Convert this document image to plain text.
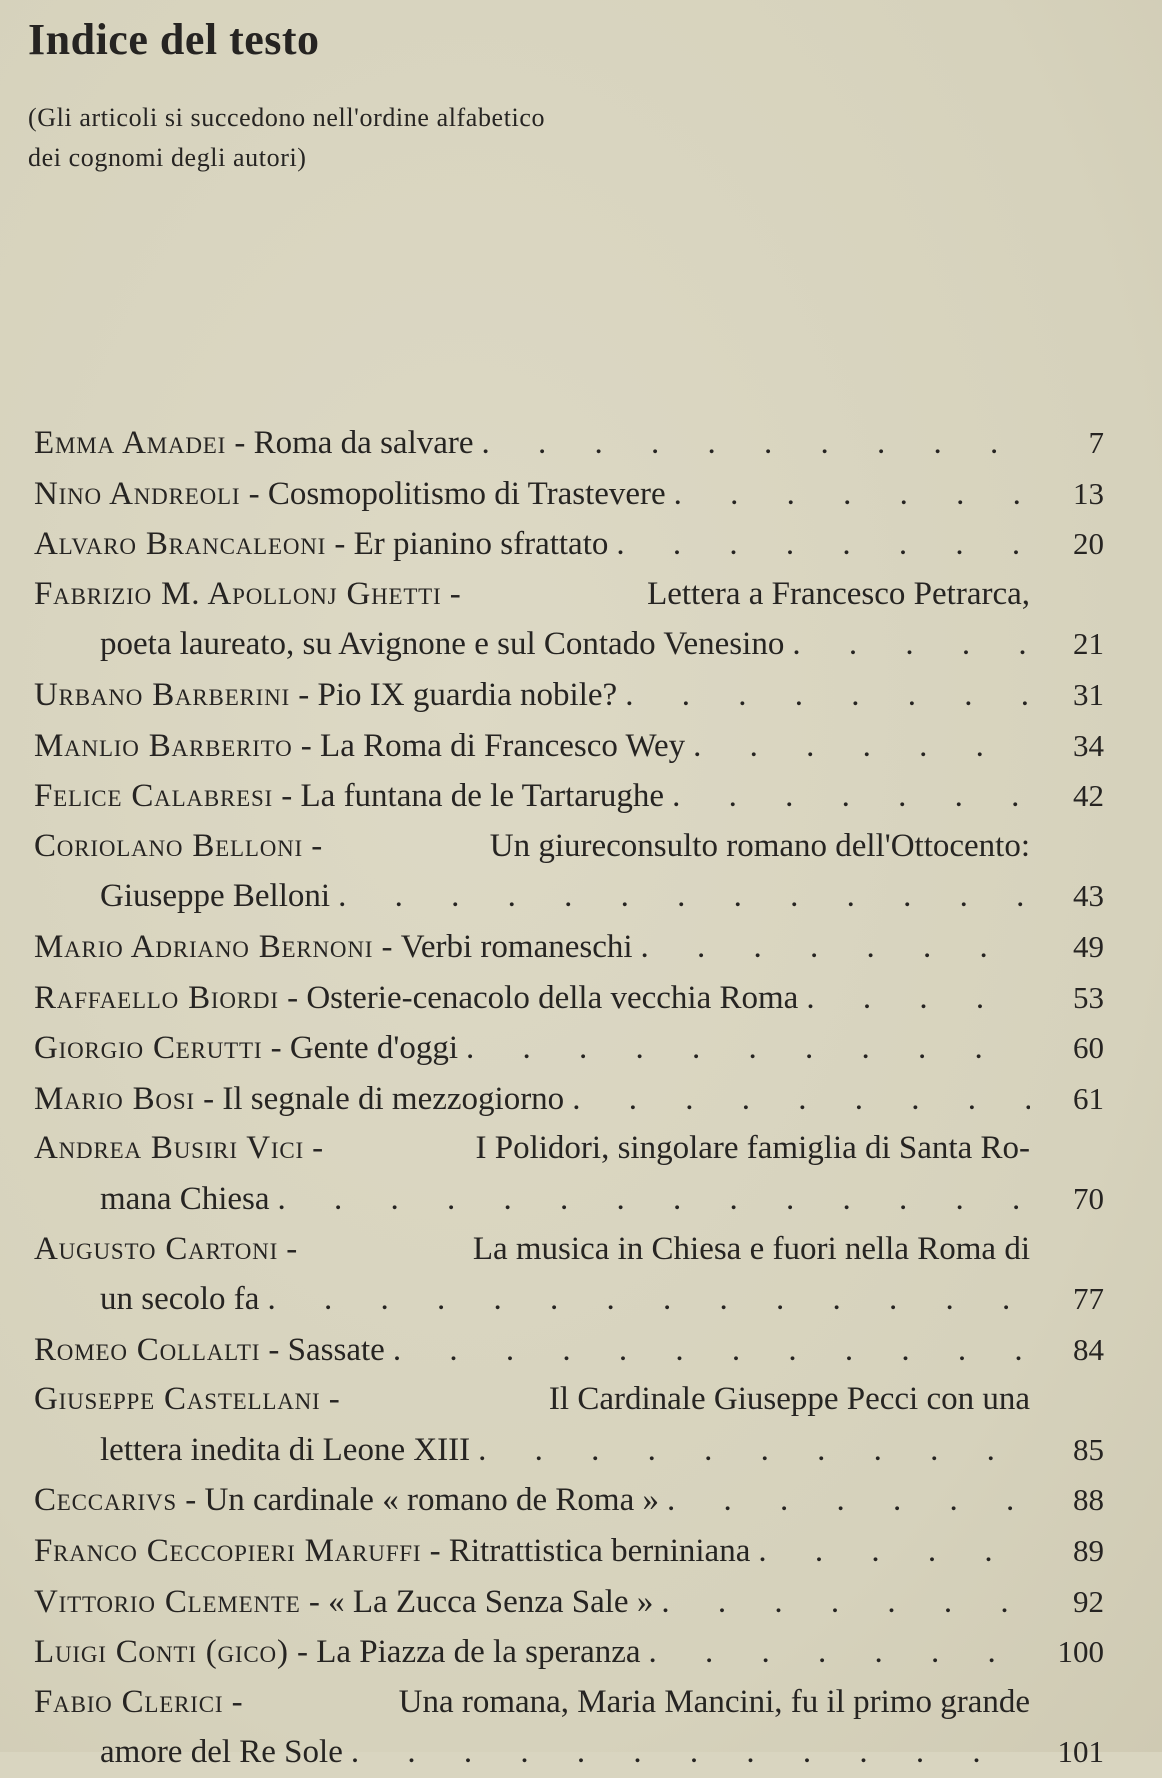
Indice del testo
(Gli articoli si succedono nell'ordine alfabetico
dei cognomi degli autori)
Emma Amadei - Roma da salvare . . .	7
Nino Andreoli - Cosmopolitismo di Trastevere . . .	13
Alvaro Brancaleoni - Er pianino sfrattato . . .	20
Fabrizio M. Apollonj Ghetti -	Lettera a Francesco Petrarca,
poeta laureato, su Avignone e sul Contado Venesino . . .	21
Urbano Barberini - Pio IX guardia nobile? . . .	31
Manlio Barberito - La Roma di Francesco Wey . . .	34
Felice Calabresi - La funtana de le Tartarughe . . .	42
Coriolano Belloni -	Un giureconsulto romano dell'Ottocento:
Giuseppe Belloni . . .	43
Mario Adriano Bernoni - Verbi romaneschi . . .	49
Raffaello Biordi - Osterie-cenacolo della vecchia Roma . . .	53
Giorgio Cerutti - Gente d'oggi . . .	60
Mario Bosi - Il segnale di mezzogiorno . . .	61
Andrea Busiri Vici -	I Polidori, singolare famiglia di Santa Ro-
mana Chiesa . . .	70
Augusto Cartoni -	La musica in Chiesa e fuori nella Roma di
un secolo fa . . .	77
Romeo Collalti - Sassate . . .	84
Giuseppe Castellani -	Il Cardinale Giuseppe Pecci con una
lettera inedita di Leone XIII . . .	85
Ceccarivs - Un cardinale « romano de Roma » . . .	88
Franco Ceccopieri Maruffi - Ritrattistica berniniana . . .	89
Vittorio Clemente - « La Zucca Senza Sale » . . .	92
Luigi Conti (gico) - La Piazza de la speranza . . .	100
Fabio Clerici -	Una romana, Maria Mancini, fu il primo grande
amore del Re Sole . . .	101
